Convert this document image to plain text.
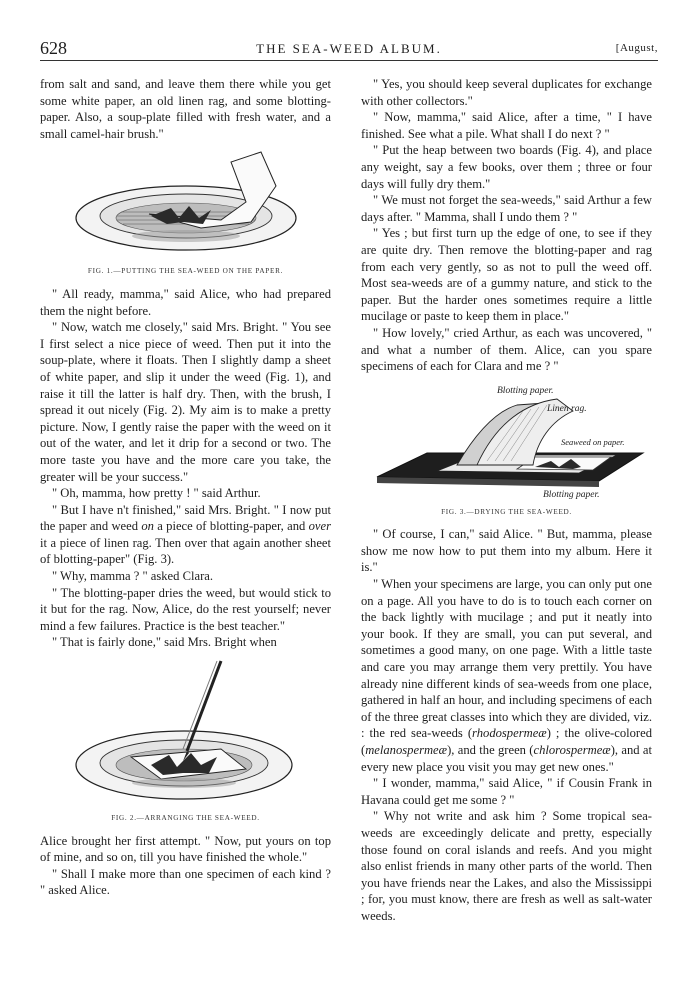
628	THE SEA-WEED ALBUM.	[August,

from salt and sand, and leave them there while you get some white paper, an old linen rag, and some blotting-paper. Also, a soup-plate filled with fresh water, and a small camel-hair brush."

FIG. 1.—PUTTING THE SEA-WEED ON THE PAPER.

" All ready, mamma," said Alice, who had prepared them the night before.

" Now, watch me closely," said Mrs. Bright. " You see I first select a nice piece of weed. Then put it into the soup-plate, where it floats. Then I slightly damp a sheet of white paper, and slip it under the weed (Fig. 1), and raise it till the latter is half dry. Then, with the brush, I spread it out nicely (Fig. 2). My aim is to make a pretty picture. Now, I gently raise the paper with the weed on it out of the water, and let it drip for a second or two. The more taste you have and the more care you take, the greater will be your success."

" Oh, mamma, how pretty ! " said Arthur.

" But I have n't finished," said Mrs. Bright. " I now put the paper and weed on a piece of blotting-paper, and over it a piece of linen rag. Then over that again another sheet of blotting-paper" (Fig. 3).

" Why, mamma ? " asked Clara.

" The blotting-paper dries the weed, but would stick to it but for the rag. Now, Alice, do the rest yourself; never mind a few failures. Practice is the best teacher."

" That is fairly done," said Mrs. Bright when

FIG. 2.—ARRANGING THE SEA-WEED.

Alice brought her first attempt. " Now, put yours on top of mine, and so on, till you have finished the whole."

" Shall I make more than one specimen of each kind ? " asked Alice.

" Yes, you should keep several duplicates for exchange with other collectors."

" Now, mamma," said Alice, after a time, " I have finished. See what a pile. What shall I do next ? "

" Put the heap between two boards (Fig. 4), and place any weight, say a few books, over them ; three or four days will fully dry them."

" We must not forget the sea-weeds," said Arthur a few days after. " Mamma, shall I undo them ? "

" Yes ; but first turn up the edge of one, to see if they are quite dry. Then remove the blotting-paper and rag from each very gently, so as not to pull the weed off. Most sea-weeds are of a gummy nature, and stick to the paper. But the harder ones sometimes require a little mucilage or paste to keep them in place."

" How lovely," cried Arthur, as each was uncovered, " and what a number of them. Alice, can you spare specimens of each for Clara and me ? "

Blotting paper.
Linen rag.
Seaweed on paper.
Blotting paper.
FIG. 3.—DRYING THE SEA-WEED.

" Of course, I can," said Alice. " But, mamma, please show me now how to put them into my album. Here it is."

" When your specimens are large, you can only put one on a page. All you have to do is to touch each corner on the back lightly with mucilage ; and put it neatly into your book. If they are small, you can put several, and sometimes a good many, on one page. With a little taste and care you may arrange them very prettily. You have already nine different kinds of sea-weeds from one place, gathered in half an hour, and including specimens of each of the three great classes into which they are divided, viz. : the red sea-weeds (rhodospermeæ) ; the olive-colored (melanospermeæ), and the green (chlorospermeæ), and at every new place you visit you may get new ones."

" I wonder, mamma," said Alice, " if Cousin Frank in Havana could get me some ? "

" Why not write and ask him ? Some tropical sea-weeds are exceedingly delicate and pretty, especially those found on coral islands and reefs. And you might also enlist friends in many other parts of the world. Then you have friends near the Lakes, and also the Mississippi ; for, you must know, there are fresh as well as salt-water weeds.
